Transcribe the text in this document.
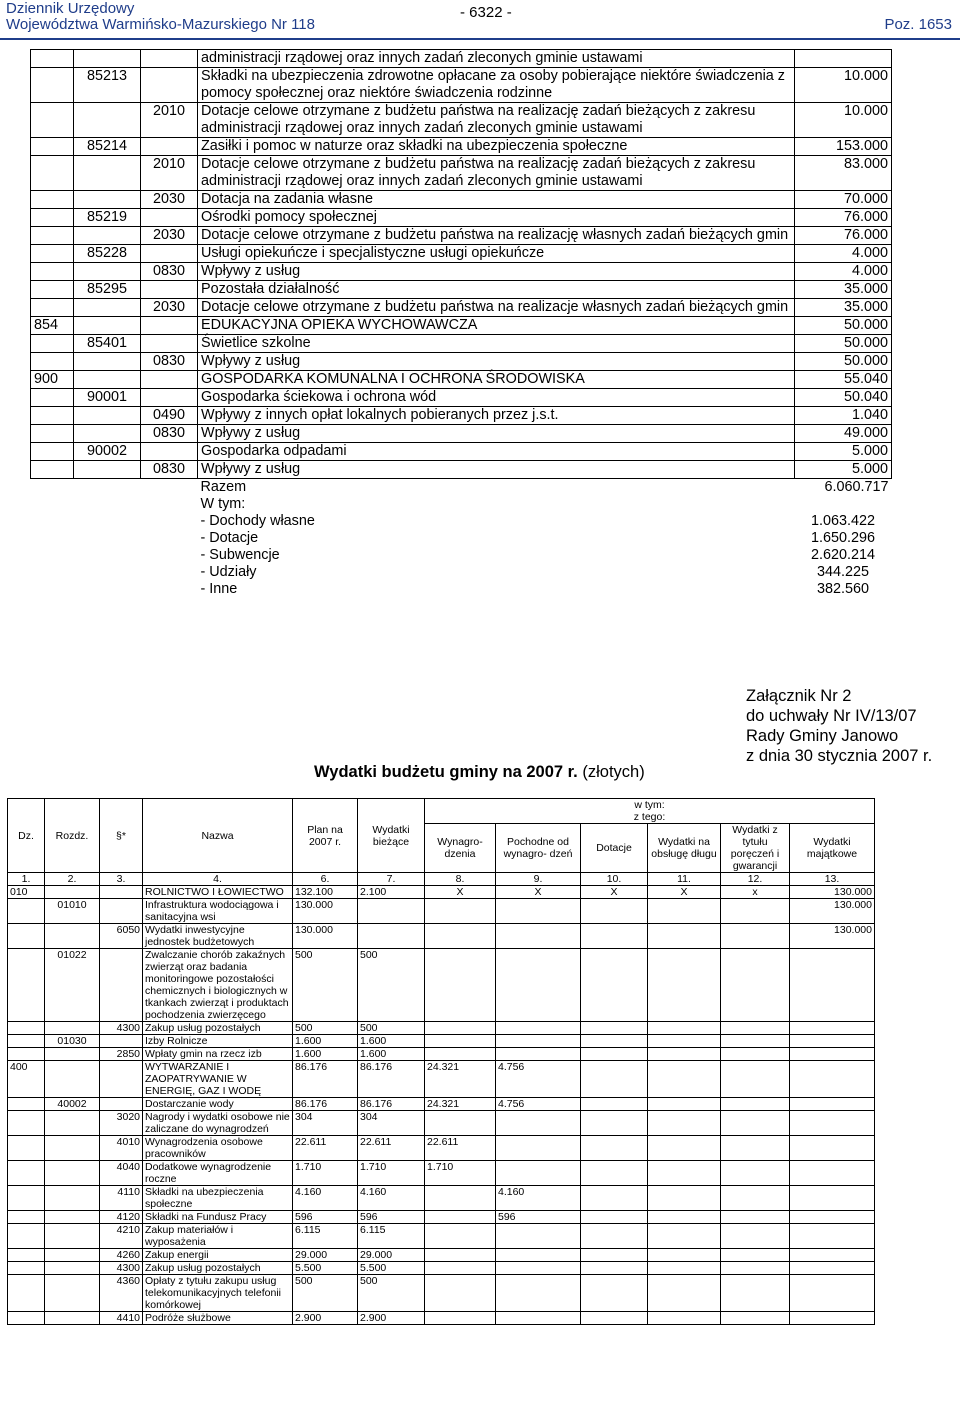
Dziennik Urzędowy
Województwa Warmińsko-Mazurskiego Nr 118
- 6322 -
Poz. 1653
			administracji rządowej oraz innych zadań zleconych gminie ustawami	
	85213		Składki na ubezpieczenia zdrowotne opłacane za osoby pobierające niektóre świadczenia z pomocy społecznej oraz niektóre świadczenia rodzinne	10.000
		2010	Dotacje celowe otrzymane z budżetu państwa na realizację zadań bieżących z zakresu administracji rządowej oraz innych zadań zleconych gminie ustawami	10.000
	85214		Zasiłki i pomoc w naturze oraz składki na ubezpieczenia społeczne	153.000
		2010	Dotacje celowe otrzymane z budżetu państwa na realizację zadań bieżących z zakresu administracji rządowej oraz innych zadań zleconych gminie ustawami	83.000
		2030	Dotacja na zadania własne	70.000
	85219		Ośrodki pomocy społecznej	76.000
		2030	Dotacje celowe otrzymane z budżetu państwa na realizację własnych zadań bieżących gmin	76.000
	85228		Usługi opiekuńcze i specjalistyczne usługi opiekuńcze	4.000
		0830	Wpływy z usług	4.000
	85295		Pozostała działalność	35.000
		2030	Dotacje celowe otrzymane z budżetu państwa na realizacje własnych zadań bieżących gmin	35.000
854			EDUKACYJNA OPIEKA WYCHOWAWCZA	50.000
	85401		Świetlice szkolne	50.000
		0830	Wpływy z usług	50.000
900			GOSPODARKA KOMUNALNA I OCHRONA ŚRODOWISKA	55.040
	90001		Gospodarka ściekowa i ochrona wód	50.040
		0490	Wpływy z innych opłat lokalnych pobieranych przez j.s.t.	1.040
		0830	Wpływy z usług	49.000
	90002		Gospodarka odpadami	5.000
		0830	Wpływy z usług	5.000
			Razem	6.060.717
			W tym:	
			- Dochody własne	1.063.422
			- Dotacje	1.650.296
			- Subwencje	2.620.214
			- Udziały	344.225
			- Inne	382.560
Załącznik Nr 2
do uchwały Nr IV/13/07
Rady Gminy Janowo
z dnia 30 stycznia 2007 r.
Wydatki budżetu gminy na 2007 r. (złotych)
Dz.	Rozdz.	§*	Nazwa	Plan na 2007 r.	Wydatki bieżące	w tym:
z tego:					

						Wynagro- dzenia	Pochodne od wynagro- dzeń	Dotacje	Wydatki na obsługę długu	Wydatki z tytułu poręczeń i gwarancji	Wydatki majątkowe
1.	2.	3.	4.	6.	7.	8.	9.	10.	11.	12.	13.
010			ROLNICTWO I ŁOWIECTWO	132.100	2.100	X	X	X	X	x	130.000
	01010		Infrastruktura wodociągowa i sanitacyjna wsi	130.000							130.000
		6050	Wydatki inwestycyjne jednostek budżetowych	130.000							130.000
	01022		Zwalczanie chorób zakaźnych zwierząt oraz badania monitoringowe pozostałości chemicznych i biologicznych w tkankach zwierząt i produktach pochodzenia zwierzęcego	500	500						
		4300	Zakup usług pozostałych	500	500						
	01030		Izby Rolnicze	1.600	1.600						
		2850	Wpłaty gmin na rzecz izb	1.600	1.600						
400			WYTWARZANIE I ZAOPATRYWANIE W ENERGIĘ, GAZ I WODĘ	86.176	86.176	24.321	4.756				
	40002		Dostarczanie wody	86.176	86.176	24.321	4.756				
		3020	Nagrody i wydatki osobowe nie zaliczane do wynagrodzeń	304	304						
		4010	Wynagrodzenia osobowe pracowników	22.611	22.611	22.611					
		4040	Dodatkowe wynagrodzenie roczne	1.710	1.710	1.710					
		4110	Składki na ubezpieczenia społeczne	4.160	4.160		4.160				
		4120	Składki na Fundusz Pracy	596	596		596				
		4210	Zakup materiałów i wyposażenia	6.115	6.115						
		4260	Zakup energii	29.000	29.000						
		4300	Zakup usług pozostałych	5.500	5.500						
		4360	Opłaty z tytułu zakupu usług telekomunikacyjnych telefonii komórkowej	500	500						
		4410	Podróże służbowe	2.900	2.900						
